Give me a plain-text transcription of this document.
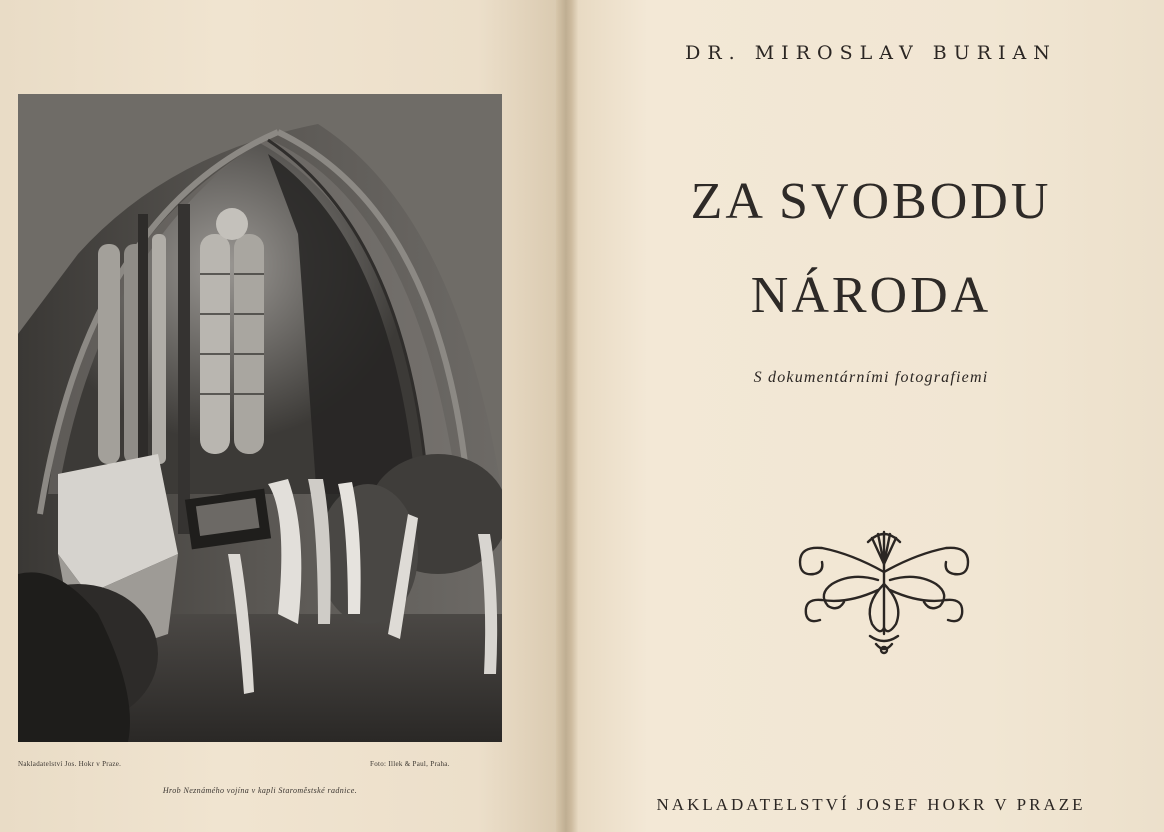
Nakladatelství Jos. Hokr v Praze.	Foto: Illek & Paul, Praha.
Hrob Neznámého vojína v kapli Staroměstské radnice.
DR. MIROSLAV BURIAN
ZA SVOBODU
NÁRODA
S dokumentárními fotografiemi
NAKLADATELSTVÍ JOSEF HOKR V PRAZE
